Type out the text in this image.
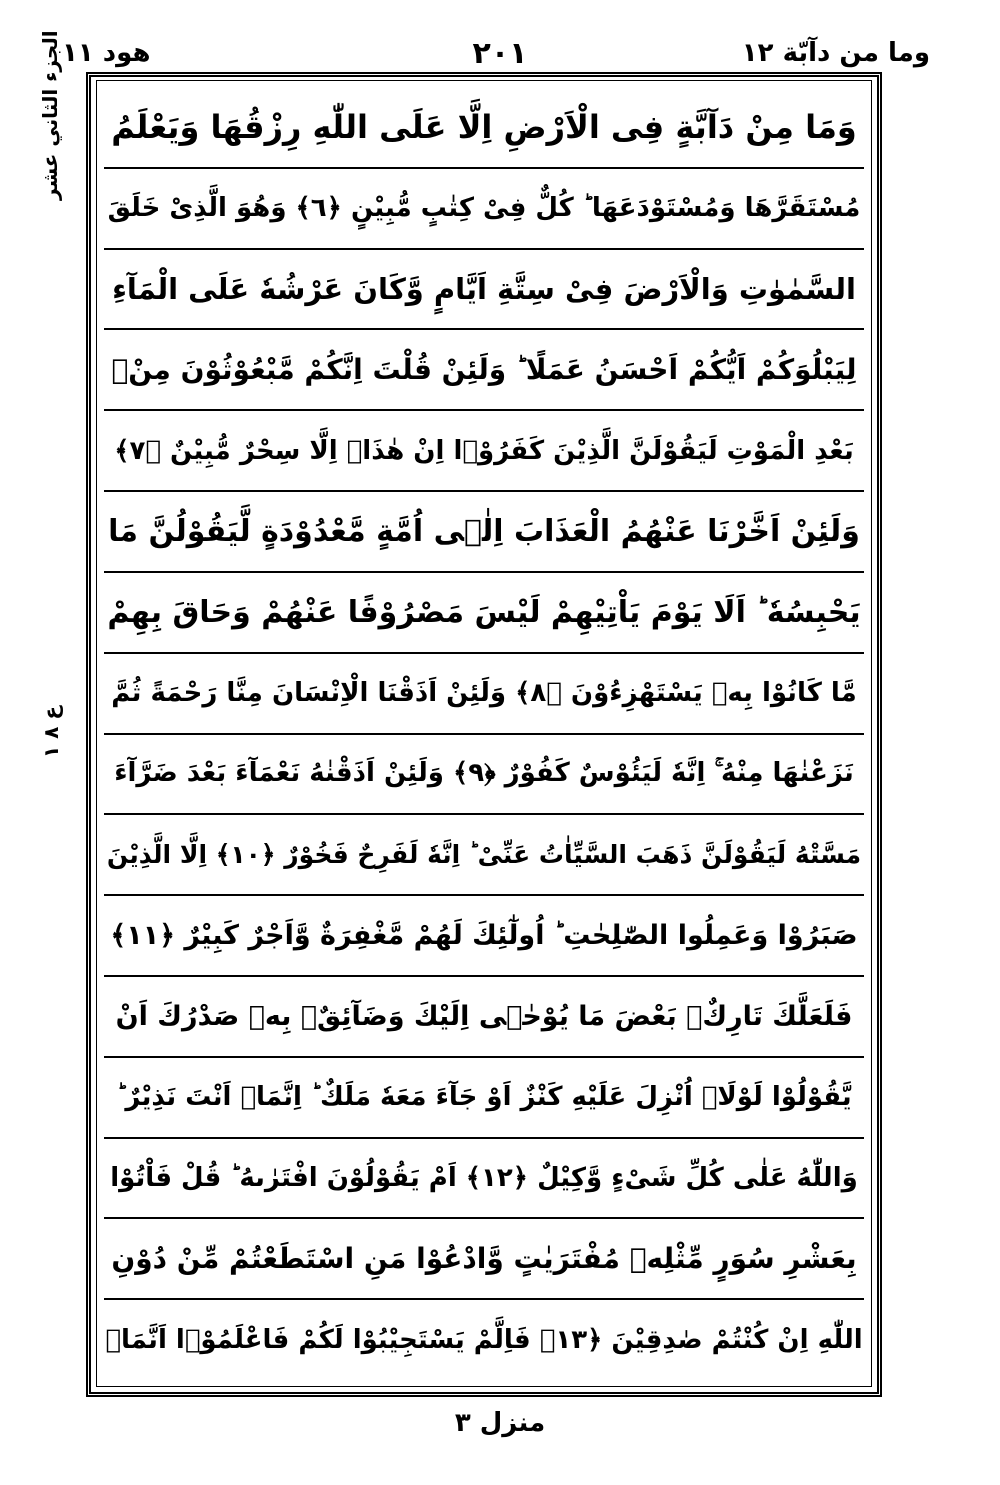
هود ١١	٢٠١	وما من دآبّة ١٢
الجزء الثاني عشر
ع ٨ ١
وَمَا مِنْ دَآبَّةٍ فِى الْاَرْضِ اِلَّا عَلَى اللّٰهِ رِزْقُهَا وَيَعْلَمُ
مُسْتَقَرَّهَا وَمُسْتَوْدَعَهَا ؕ كُلٌّ فِىْ كِتٰبٍ مُّبِيْنٍ ﴿٦﴾ وَهُوَ الَّذِىْ خَلَقَ
السَّمٰوٰتِ وَالْاَرْضَ فِىْ سِتَّةِ اَيَّامٍ وَّكَانَ عَرْشُهٗ عَلَى الْمَآءِ
لِيَبْلُوَكُمْ اَيُّكُمْ اَحْسَنُ عَمَلًا ؕ وَلَئِنْ قُلْتَ اِنَّكُمْ مَّبْعُوْثُوْنَ مِنْۢ
بَعْدِ الْمَوْتِ لَيَقُوْلَنَّ الَّذِيْنَ كَفَرُوْۤا اِنْ هٰذَاۤ اِلَّا سِحْرٌ مُّبِيْنٌ ﴿٧﴾
وَلَئِنْ اَخَّرْنَا عَنْهُمُ الْعَذَابَ اِلٰۤى اُمَّةٍ مَّعْدُوْدَةٍ لَّيَقُوْلُنَّ مَا
يَحْبِسُهٗ ؕ اَلَا يَوْمَ يَاْتِيْهِمْ لَيْسَ مَصْرُوْفًا عَنْهُمْ وَحَاقَ بِهِمْ
مَّا كَانُوْا بِهٖ يَسْتَهْزِءُوْنَ ﴿٨﴾ وَلَئِنْ اَذَقْنَا الْاِنْسَانَ مِنَّا رَحْمَةً ثُمَّ
نَزَعْنٰهَا مِنْهُ ۚ اِنَّهٗ لَيَئُوْسٌ كَفُوْرٌ ﴿٩﴾ وَلَئِنْ اَذَقْنٰهُ نَعْمَآءَ بَعْدَ ضَرَّآءَ
مَسَّتْهُ لَيَقُوْلَنَّ ذَهَبَ السَّيِّاٰتُ عَنِّىْ ؕ اِنَّهٗ لَفَرِحٌ فَخُوْرٌ ﴿١٠﴾ اِلَّا الَّذِيْنَ
صَبَرُوْا وَعَمِلُوا الصّٰلِحٰتِ ؕ اُولٰٓئِكَ لَهُمْ مَّغْفِرَةٌ وَّاَجْرٌ كَبِيْرٌ ﴿١١﴾
فَلَعَلَّكَ تَارِكٌۢ بَعْضَ مَا يُوْحٰۤى اِلَيْكَ وَضَآئِقٌۢ بِهٖ صَدْرُكَ اَنْ
يَّقُوْلُوْا لَوْلَاۤ اُنْزِلَ عَلَيْهِ كَنْزٌ اَوْ جَآءَ مَعَهٗ مَلَكٌ ؕ اِنَّمَاۤ اَنْتَ نَذِيْرٌ ؕ
وَاللّٰهُ عَلٰى كُلِّ شَىْءٍ وَّكِيْلٌ ﴿١٢﴾ اَمْ يَقُوْلُوْنَ افْتَرٰىهُ ؕ قُلْ فَاْتُوْا
بِعَشْرِ سُوَرٍ مِّثْلِهٖ مُفْتَرَيٰتٍ وَّادْعُوْا مَنِ اسْتَطَعْتُمْ مِّنْ دُوْنِ
اللّٰهِ اِنْ كُنْتُمْ صٰدِقِيْنَ ﴿١٣﴾ فَاِلَّمْ يَسْتَجِيْبُوْا لَكُمْ فَاعْلَمُوْۤا اَنَّمَاۤ
منزل ٣
